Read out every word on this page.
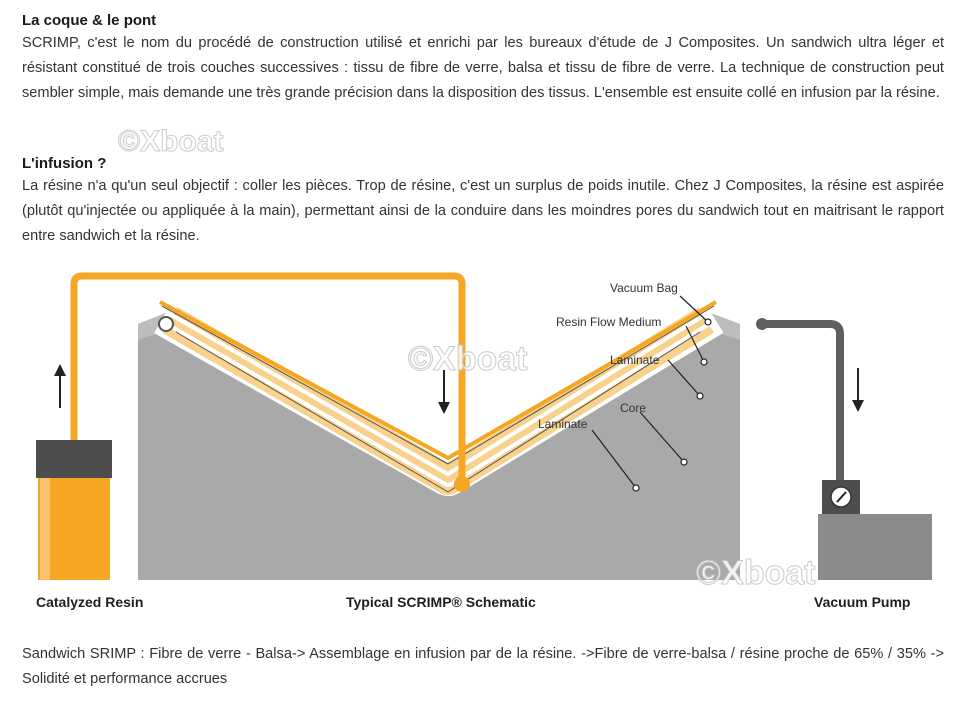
La coque & le pont

SCRIMP, c'est le nom du procédé de construction utilisé et enrichi par les bureaux d'étude de J Composites. Un sandwich ultra léger et résistant constitué de trois couches successives : tissu de fibre de verre, balsa et tissu de fibre de verre. La technique de construction peut sembler simple, mais demande une très grande précision dans la disposition des tissus. L'ensemble est ensuite collé en infusion par la résine.

L'infusion ?

La résine n'a qu'un seul objectif : coller les pièces. Trop de résine, c'est un surplus de poids inutile. Chez J Composites, la résine est aspirée (plutôt qu'injectée ou appliquée à la main), permettant ainsi de la conduire dans les moindres pores du sandwich tout en maitrisant le rapport entre sandwich et la résine.

Vacuum Bag
Resin Flow Medium
Laminate
Core
Laminate
Catalyzed Resin	Typical SCRIMP® Schematic	Vacuum Pump
©Xboat
©Xboat
©Xboat

Sandwich SRIMP : Fibre de verre - Balsa-> Assemblage en infusion par de la résine. ->Fibre de verre-balsa / résine proche de 65% / 35% -> Solidité et performance accrues
